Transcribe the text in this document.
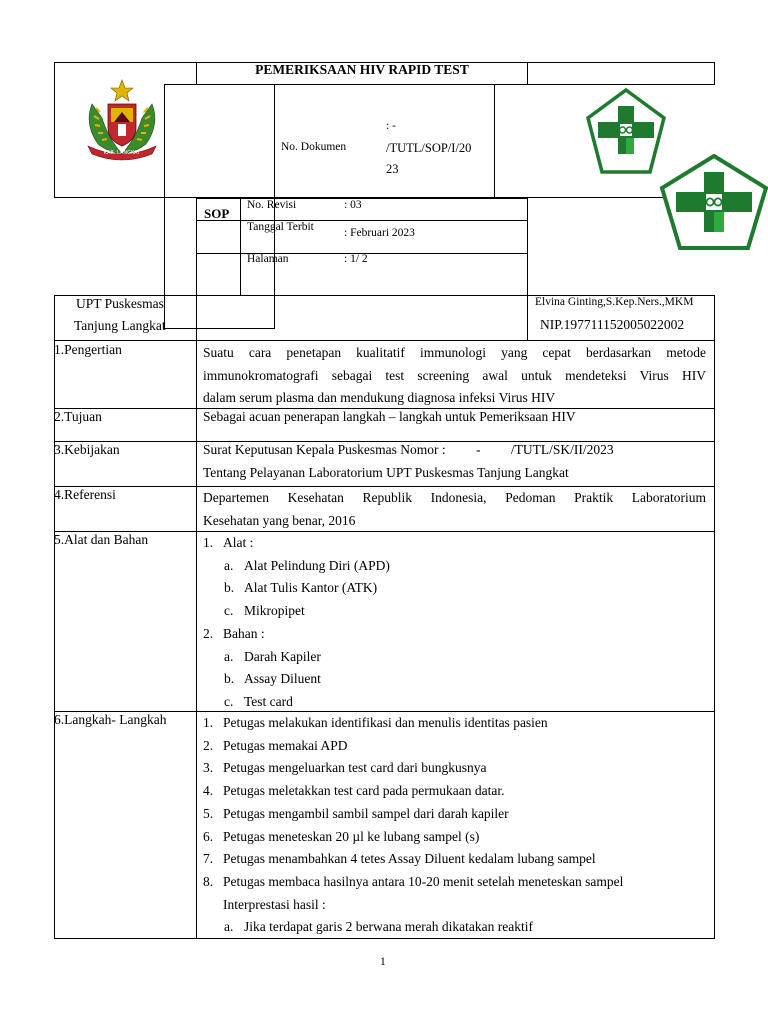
PEMERIKSAAN HIV RAPID TEST
No. Dokumen
: -
/TUTL/SOP/I/20
23
KAB. LANGKAT
SOP
No. Revisi	: 03
Tanggal Terbit	: Februari 2023
Halaman	: 1/ 2
UPT Puskesmas
Tanjung Langkat
Elvina Ginting,S.Kep.Ners.,MKM
NIP.197711152005022002
1.Pengertian	Suatu cara penetapan kualitatif immunologi yang cepat berdasarkan metode
immunokromatografi sebagai test screening awal untuk mendeteksi Virus HIV
dalam serum plasma dan mendukung diagnosa infeksi Virus HIV
2.Tujuan	Sebagai acuan penerapan langkah – langkah untuk Pemeriksaan HIV
3.Kebijakan	Surat Keputusan Kepala Puskesmas Nomor :         -         /TUTL/SK/II/2023
Tentang Pelayanan Laboratorium UPT Puskesmas Tanjung Langkat
4.Referensi	Departemen Kesehatan Republik Indonesia, Pedoman Praktik Laboratorium
Kesehatan yang benar, 2016
5.Alat dan Bahan	1. Alat :
a. Alat Pelindung Diri (APD)
b. Alat Tulis Kantor (ATK)
c. Mikropipet
2. Bahan :
a. Darah Kapiler
b. Assay Diluent
c. Test card
6.Langkah- Langkah	1. Petugas melakukan identifikasi dan menulis identitas pasien
2. Petugas memakai APD
3. Petugas mengeluarkan test card dari bungkusnya
4. Petugas meletakkan test card pada permukaan datar.
5. Petugas mengambil sambil sampel dari darah kapiler
6. Petugas meneteskan 20 µl ke lubang sampel (s)
7. Petugas menambahkan 4 tetes Assay Diluent kedalam lubang sampel
8. Petugas membaca hasilnya antara 10-20 menit setelah meneteskan sampel
Interprestasi hasil :
a. Jika terdapat garis 2 berwana merah dikatakan reaktif
1
